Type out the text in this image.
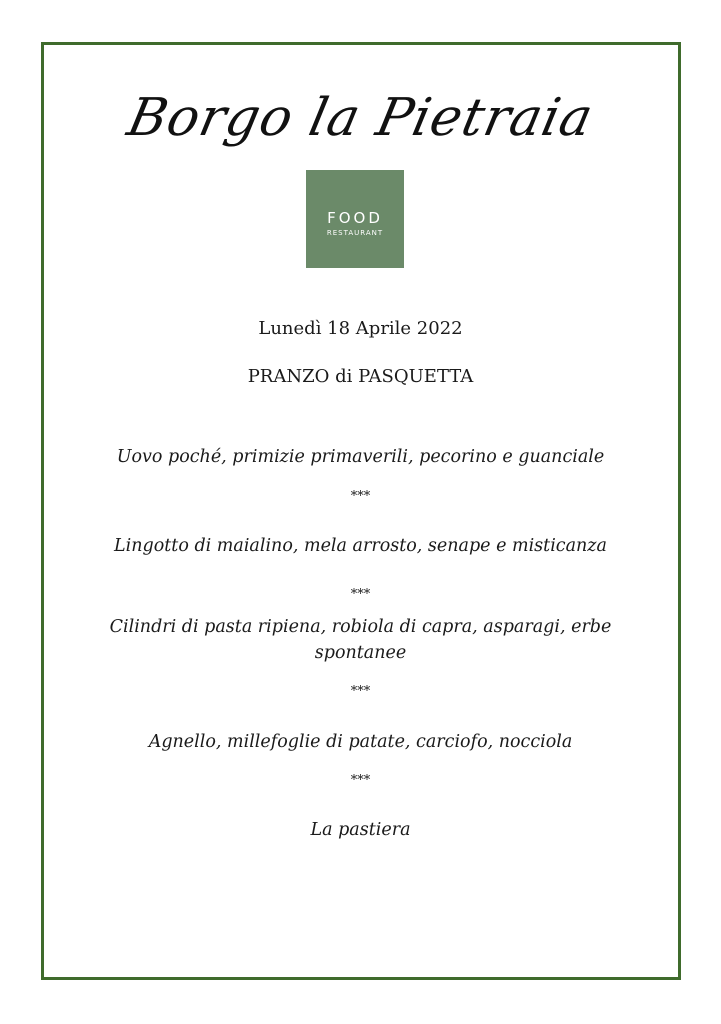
Borgo la Pietraia
FOOD
RESTAURANT
Lunedì 18 Aprile 2022
PRANZO di PASQUETTA
Uovo poché, primizie primaverili, pecorino e guanciale
***
Lingotto di maialino, mela arrosto, senape e misticanza
***
Cilindri di pasta ripiena, robiola di capra, asparagi, erbe spontanee
***
Agnello, millefoglie di patate, carciofo, nocciola
***
La pastiera
